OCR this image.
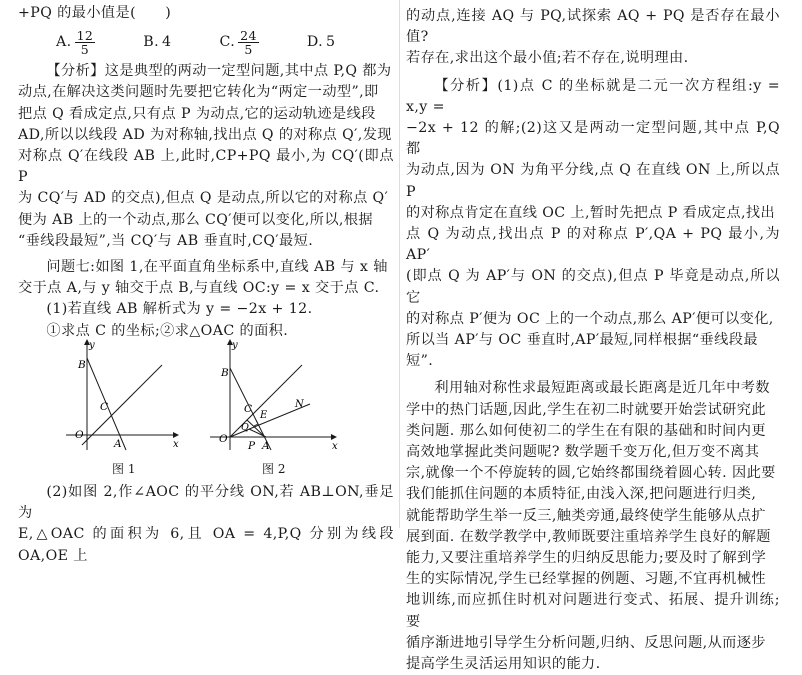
+PQ 的最小值是(　　)

A. $\frac{12}{5}$	B. 4	C. $\frac{24}{5}$	D. 5

【分析】这是典型的两动一定型问题,其中点 P,Q 都为

动点,在解决这类问题时先要把它转化为“两定一动型”,即

把点 Q 看成定点,只有点 P 为动点,它的运动轨迹是线段

AD,所以以线段 AD 为对称轴,找出点 Q 的对称点 Q′,发现

对称点 Q′在线段 AB 上,此时,CP+PQ 最小,为 CQ′(即点 P

为 CQ′与 AD 的交点),但点 Q 是动点,所以它的对称点 Q′

便为 AB 上的一个动点,那么 CQ′便可以变化,所以,根据

“垂线段最短”,当 CQ′与 AB 垂直时,CQ′最短.

问题七:如图 1,在平面直角坐标系中,直线 AB 与 x 轴

交于点 A,与 y 轴交于点 B,与直线 OC:y = x 交于点 C.

(1)若直线 AB 解析式为 y = −2x + 12.

①求点 C 的坐标;②求△OAC 的面积.

y
B
C
O
A	x
图 1
y
B
C
E
N
Q
O
P A	x
图 2

(2)如图 2,作∠AOC 的平分线 ON,若 AB⊥ON,垂足为

E,△OAC 的面积为 6,且 OA = 4,P,Q 分别为线段 OA,OE 上

的动点,连接 AQ 与 PQ,试探索 AQ + PQ 是否存在最小值?

若存在,求出这个最小值;若不存在,说明理由.

【分析】(1)点 C 的坐标就是二元一次方程组:y = x,y =

−2x + 12 的解;(2)这又是两动一定型问题,其中点 P,Q 都

为动点,因为 ON 为角平分线,点 Q 在直线 ON 上,所以点 P

的对称点肯定在直线 OC 上,暂时先把点 P 看成定点,找出

点 Q 为动点,找出点 P 的对称点 P′,QA + PQ 最小,为 AP′

(即点 Q 为 AP′与 ON 的交点),但点 P 毕竟是动点,所以它

的对称点 P′便为 OC 上的一个动点,那么 AP′便可以变化,

所以当 AP′与 OC 垂直时,AP′最短,同样根据“垂线段最

短”.

利用轴对称性求最短距离或最长距离是近几年中考数

学中的热门话题,因此,学生在初二时就要开始尝试研究此

类问题. 那么如何使初二的学生在有限的基础和时间内更

高效地掌握此类问题呢? 数学题千变万化,但万变不离其

宗,就像一个不停旋转的圆,它始终都围绕着圆心转. 因此要

我们能抓住问题的本质特征,由浅入深,把问题进行归类,

就能帮助学生举一反三,触类旁通,最终使学生能够从点扩

展到面. 在数学教学中,教师既要注重培养学生良好的解题

能力,又要注重培养学生的归纳反思能力;要及时了解到学

生的实际情况,学生已经掌握的例题、习题,不宜再机械性

地训练,而应抓住时机对问题进行变式、拓展、提升训练;要

循序渐进地引导学生分析问题,归纳、反思问题,从而逐步

提高学生灵活运用知识的能力.
